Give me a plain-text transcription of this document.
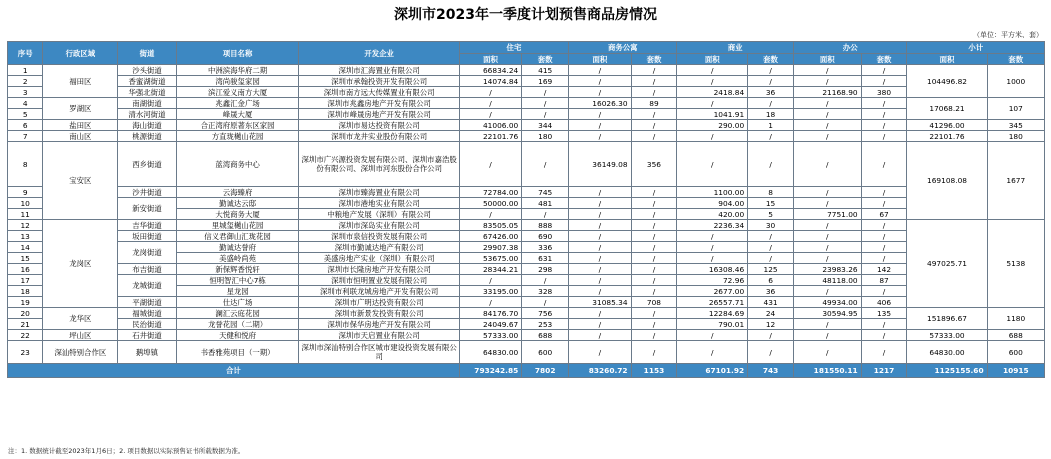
深圳市2023年一季度计划预售商品房情况
（单位：平方米、套）
序号	行政区域	街道	项目名称	开发企业	住宅		商务公寓		商业		办公		小计	
					面积	套数	面积	套数	面积	套数	面积	套数	面积	套数
1	福田区	沙头街道	中洲滨海华府二期	深圳市汇海置业有限公司	66834.24	415	/	/	/	/	/	/	104496.82	1000
2		香蜜湖街道	湾尚骏玺家园	深圳市承翰投资开发有限公司	14074.84	169	/	/	/	/	/	/		
3		华强北街道	滨江爱义南方大厦	深圳市南方远大传媒置业有限公司	/	/	/	/	2418.84	36	21168.90	380		
4	罗湖区	南湖街道	兆鑫汇金广场	深圳市兆鑫房地产开发有限公司	/	/	16026.30	89	/	/	/	/	17068.21	107
5		清水河街道	峰晟大厦	深圳市峰晟房地产开发有限公司	/	/	/	/	1041.91	18	/	/		
6	盐田区	海山街道	合正湾府原著东区家园	深圳市易达投资有限公司	41006.00	344	/	/	290.00	1	/	/	41296.00	345
7	南山区	桃源街道	方直珑樾山花园	深圳市龙井实业股份有限公司	22101.76	180	/	/	/	/	/	/	22101.76	180
8	宝安区	西乡街道	蓝湾商务中心	深圳市广兴源投资发展有限公司、深圳市嘉浩股份有限公司、深圳市河东股份合作公司	/	/	36149.08	356	/	/	/	/	169108.08	1677
9		沙井街道	云海臻府	深圳市臻海置业有限公司	72784.00	745	/	/	1100.00	8	/	/		
10		新安街道	勤诚达云邸	深圳市港地实业有限公司	50000.00	481	/	/	904.00	15	/	/		
11			大悦商务大厦	中粮地产发展（深圳）有限公司	/	/	/	/	420.00	5	7751.00	67		
12	龙岗区	吉华街道	里城玺樾山花园	深圳市深岛实业有限公司	83505.05	888	/	/	2236.34	30	/	/	497025.71	5138
13		坂田街道	信义君御山汇珑花园	深圳市泉信投资发展有限公司	67426.00	690	/	/	/	/	/	/		
14		龙岗街道	勤诚达誉府	深圳市勤诚达地产有限公司	29907.38	336	/	/	/	/	/	/		
15			美盛岭尚苑	美盛房地产实业（深圳）有限公司	53675.00	631	/	/	/	/	/	/		
16		布吉街道	新保辉香悦轩	深圳市长隆房地产开发有限公司	28344.21	298	/	/	16308.46	125	23983.26	142		
17		龙城街道	恒明智汇中心7栋	深圳市恒明置业发展有限公司	/	/	/	/	72.96	6	48118.00	87		
18			星龙园	深圳市利联龙城房地产开发有限公司	33195.00	328	/	/	2677.00	36	/	/		
19		平湖街道	仕达广场	深圳市广明达投资有限公司	/	/	31085.34	708	26557.71	431	49934.00	406		
20	龙华区	福城街道	澜汇云庭花园	深圳市新景发投资有限公司	84176.70	756	/	/	12284.69	24	30594.95	135	151896.67	1180
21		民治街道	龙誉花园（二期）	深圳市保华房地产开发有限公司	24049.67	253	/	/	790.01	12	/	/		
22	坪山区	石井街道	天健和悦府	深圳市天启置业有限公司	57333.00	688	/	/	/	/	/	/	57333.00	688
23	深汕特别合作区	鹅埠镇	书香雅苑项目（一期）	深圳市深汕特别合作区城市建设投资发展有限公司	64830.00	600	/	/	/	/	/	/	64830.00	600
合计					793242.85	7802	83260.72	1153	67101.92	743	181550.11	1217	1125155.60	10915
注：1. 数据统计截至2023年1月6日；2. 项目数据以实际预售证书所载数据为准。
